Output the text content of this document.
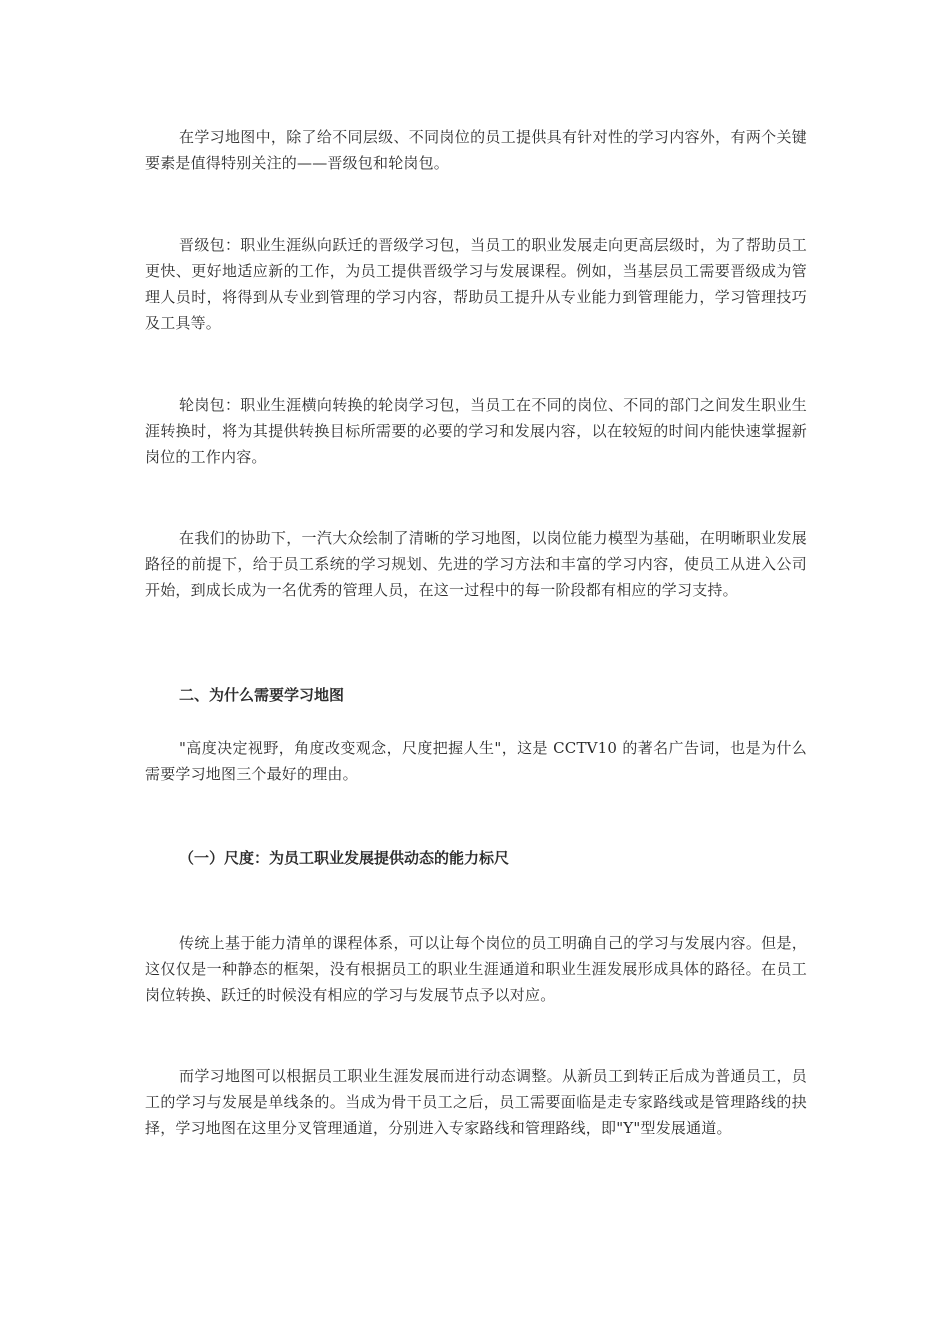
在学习地图中，除了给不同层级、不同岗位的员工提供具有针对性的学习内容外，有两个关键要素是值得特别关注的——晋级包和轮岗包。

晋级包：职业生涯纵向跃迁的晋级学习包，当员工的职业发展走向更高层级时，为了帮助员工更快、更好地适应新的工作，为员工提供晋级学习与发展课程。例如，当基层员工需要晋级成为管理人员时，将得到从专业到管理的学习内容，帮助员工提升从专业能力到管理能力，学习管理技巧及工具等。

轮岗包：职业生涯横向转换的轮岗学习包，当员工在不同的岗位、不同的部门之间发生职业生涯转换时，将为其提供转换目标所需要的必要的学习和发展内容，以在较短的时间内能快速掌握新岗位的工作内容。

在我们的协助下，一汽大众绘制了清晰的学习地图，以岗位能力模型为基础，在明晰职业发展路径的前提下，给于员工系统的学习规划、先进的学习方法和丰富的学习内容，使员工从进入公司开始，到成长成为一名优秀的管理人员，在这一过程中的每一阶段都有相应的学习支持。

二、为什么需要学习地图

"高度决定视野，角度改变观念，尺度把握人生"，这是 CCTV10 的著名广告词，也是为什么需要学习地图三个最好的理由。

（一）尺度：为员工职业发展提供动态的能力标尺

传统上基于能力清单的课程体系，可以让每个岗位的员工明确自己的学习与发展内容。但是，这仅仅是一种静态的框架，没有根据员工的职业生涯通道和职业生涯发展形成具体的路径。在员工岗位转换、跃迁的时候没有相应的学习与发展节点予以对应。

而学习地图可以根据员工职业生涯发展而进行动态调整。从新员工到转正后成为普通员工，员工的学习与发展是单线条的。当成为骨干员工之后，员工需要面临是走专家路线或是管理路线的抉择，学习地图在这里分叉管理通道，分别进入专家路线和管理路线，即"Y"型发展通道。
